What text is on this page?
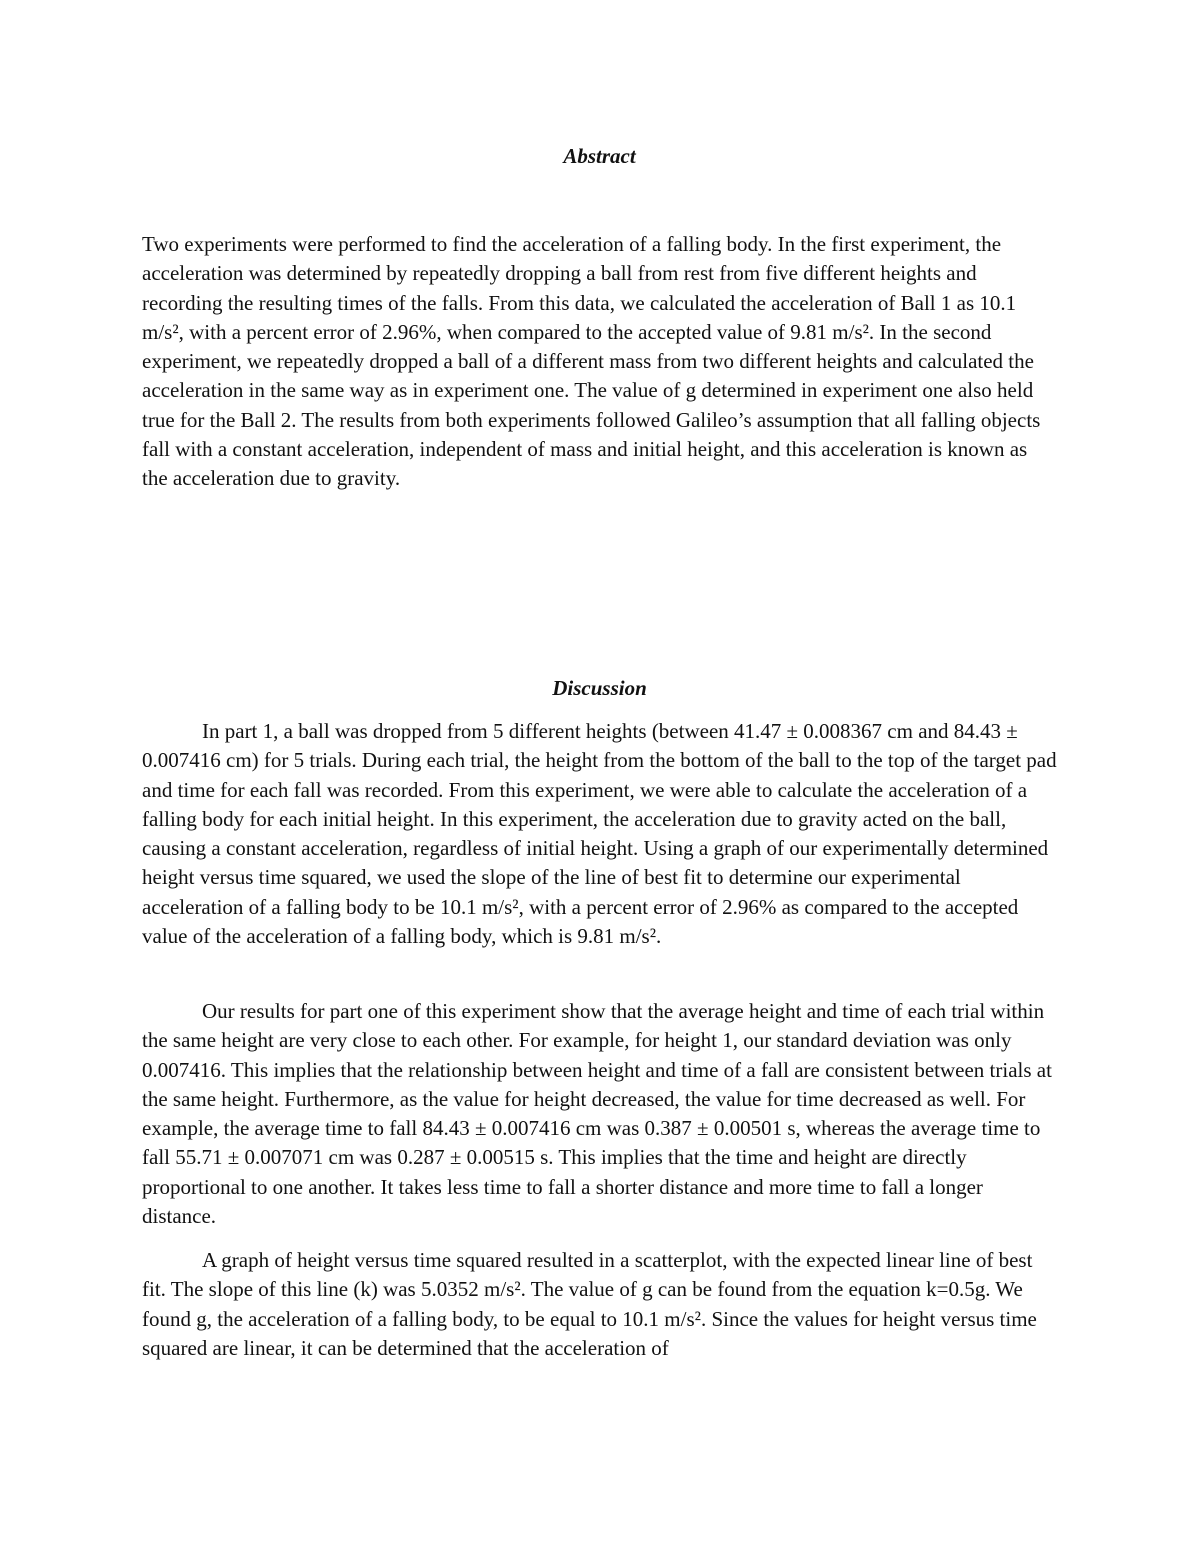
Abstract

Two experiments were performed to find the acceleration of a falling body. In the first experiment, the acceleration was determined by repeatedly dropping a ball from rest from five different heights and recording the resulting times of the falls. From this data, we calculated the acceleration of Ball 1 as 10.1 m/s², with a percent error of 2.96%, when compared to the accepted value of 9.81 m/s². In the second experiment, we repeatedly dropped a ball of a different mass from two different heights and calculated the acceleration in the same way as in experiment one. The value of g determined in experiment one also held true for the Ball 2. The results from both experiments followed Galileo’s assumption that all falling objects fall with a constant acceleration, independent of mass and initial height, and this acceleration is known as the acceleration due to gravity.

Discussion

In part 1, a ball was dropped from 5 different heights (between 41.47 ± 0.008367 cm and 84.43 ± 0.007416 cm) for 5 trials. During each trial, the height from the bottom of the ball to the top of the target pad and time for each fall was recorded. From this experiment, we were able to calculate the acceleration of a falling body for each initial height. In this experiment, the acceleration due to gravity acted on the ball, causing a constant acceleration, regardless of initial height. Using a graph of our experimentally determined height versus time squared, we used the slope of the line of best fit to determine our experimental acceleration of a falling body to be 10.1 m/s², with a percent error of 2.96% as compared to the accepted value of the acceleration of a falling body, which is 9.81 m/s².

Our results for part one of this experiment show that the average height and time of each trial within the same height are very close to each other. For example, for height 1, our standard deviation was only 0.007416. This implies that the relationship between height and time of a fall are consistent between trials at the same height. Furthermore, as the value for height decreased, the value for time decreased as well. For example, the average time to fall 84.43 ± 0.007416 cm was 0.387 ± 0.00501 s, whereas the average time to fall 55.71 ± 0.007071 cm was 0.287 ± 0.00515 s. This implies that the time and height are directly proportional to one another. It takes less time to fall a shorter distance and more time to fall a longer distance.

A graph of height versus time squared resulted in a scatterplot, with the expected linear line of best fit. The slope of this line (k) was 5.0352 m/s². The value of g can be found from the equation k=0.5g. We found g, the acceleration of a falling body, to be equal to 10.1 m/s². Since the values for height versus time squared are linear, it can be determined that the acceleration of
